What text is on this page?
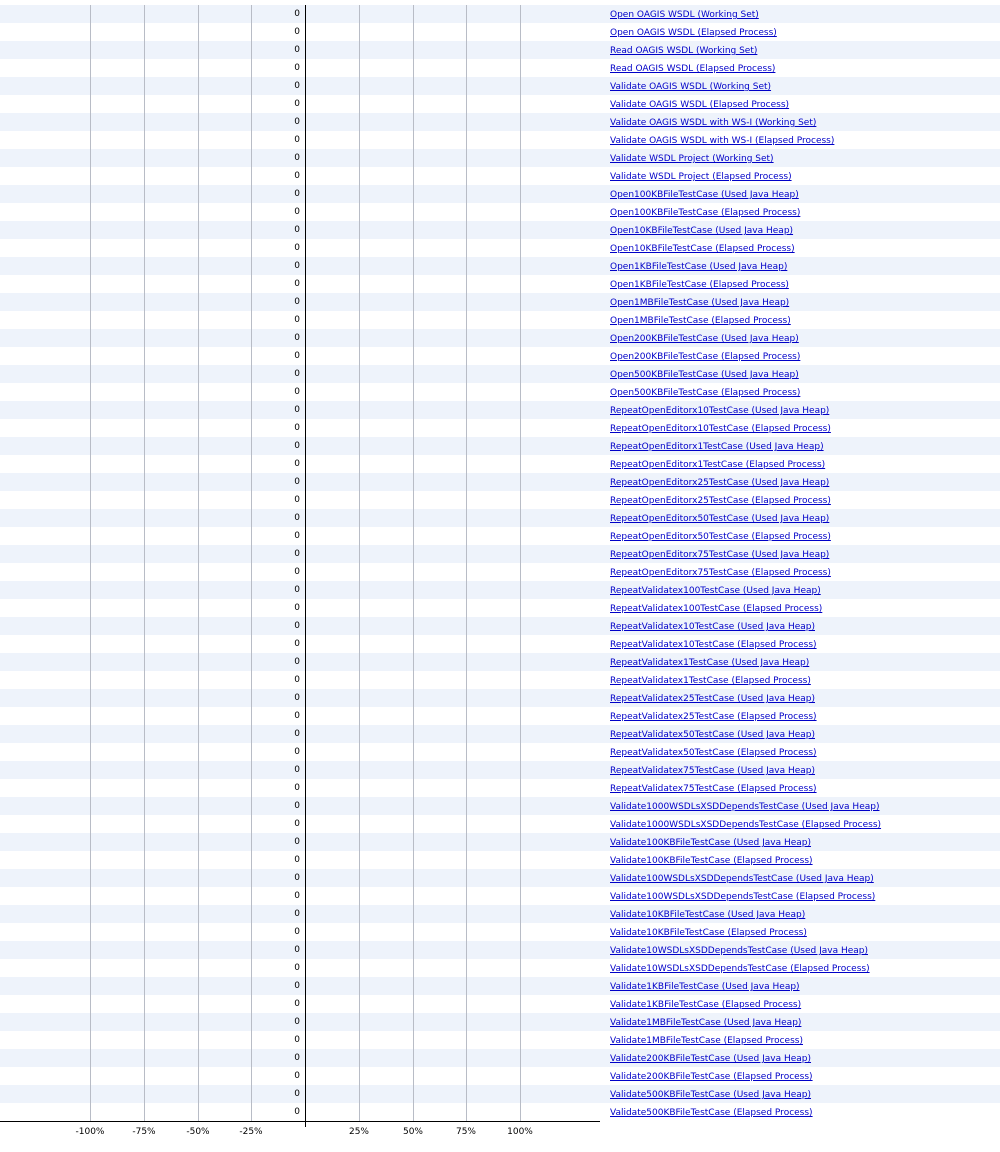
-100%	-75%	-50%	-25%	25%	50%	75%	100%
0	Open OAGIS WSDL (Working Set)
0	Open OAGIS WSDL (Elapsed Process)
0	Read OAGIS WSDL (Working Set)
0	Read OAGIS WSDL (Elapsed Process)
0	Validate OAGIS WSDL (Working Set)
0	Validate OAGIS WSDL (Elapsed Process)
0	Validate OAGIS WSDL with WS-I (Working Set)
0	Validate OAGIS WSDL with WS-I (Elapsed Process)
0	Validate WSDL Project (Working Set)
0	Validate WSDL Project (Elapsed Process)
0	Open100KBFileTestCase (Used Java Heap)
0	Open100KBFileTestCase (Elapsed Process)
0	Open10KBFileTestCase (Used Java Heap)
0	Open10KBFileTestCase (Elapsed Process)
0	Open1KBFileTestCase (Used Java Heap)
0	Open1KBFileTestCase (Elapsed Process)
0	Open1MBFileTestCase (Used Java Heap)
0	Open1MBFileTestCase (Elapsed Process)
0	Open200KBFileTestCase (Used Java Heap)
0	Open200KBFileTestCase (Elapsed Process)
0	Open500KBFileTestCase (Used Java Heap)
0	Open500KBFileTestCase (Elapsed Process)
0	RepeatOpenEditorx10TestCase (Used Java Heap)
0	RepeatOpenEditorx10TestCase (Elapsed Process)
0	RepeatOpenEditorx1TestCase (Used Java Heap)
0	RepeatOpenEditorx1TestCase (Elapsed Process)
0	RepeatOpenEditorx25TestCase (Used Java Heap)
0	RepeatOpenEditorx25TestCase (Elapsed Process)
0	RepeatOpenEditorx50TestCase (Used Java Heap)
0	RepeatOpenEditorx50TestCase (Elapsed Process)
0	RepeatOpenEditorx75TestCase (Used Java Heap)
0	RepeatOpenEditorx75TestCase (Elapsed Process)
0	RepeatValidatex100TestCase (Used Java Heap)
0	RepeatValidatex100TestCase (Elapsed Process)
0	RepeatValidatex10TestCase (Used Java Heap)
0	RepeatValidatex10TestCase (Elapsed Process)
0	RepeatValidatex1TestCase (Used Java Heap)
0	RepeatValidatex1TestCase (Elapsed Process)
0	RepeatValidatex25TestCase (Used Java Heap)
0	RepeatValidatex25TestCase (Elapsed Process)
0	RepeatValidatex50TestCase (Used Java Heap)
0	RepeatValidatex50TestCase (Elapsed Process)
0	RepeatValidatex75TestCase (Used Java Heap)
0	RepeatValidatex75TestCase (Elapsed Process)
0	Validate1000WSDLsXSDDependsTestCase (Used Java Heap)
0	Validate1000WSDLsXSDDependsTestCase (Elapsed Process)
0	Validate100KBFileTestCase (Used Java Heap)
0	Validate100KBFileTestCase (Elapsed Process)
0	Validate100WSDLsXSDDependsTestCase (Used Java Heap)
0	Validate100WSDLsXSDDependsTestCase (Elapsed Process)
0	Validate10KBFileTestCase (Used Java Heap)
0	Validate10KBFileTestCase (Elapsed Process)
0	Validate10WSDLsXSDDependsTestCase (Used Java Heap)
0	Validate10WSDLsXSDDependsTestCase (Elapsed Process)
0	Validate1KBFileTestCase (Used Java Heap)
0	Validate1KBFileTestCase (Elapsed Process)
0	Validate1MBFileTestCase (Used Java Heap)
0	Validate1MBFileTestCase (Elapsed Process)
0	Validate200KBFileTestCase (Used Java Heap)
0	Validate200KBFileTestCase (Elapsed Process)
0	Validate500KBFileTestCase (Used Java Heap)
0	Validate500KBFileTestCase (Elapsed Process)
